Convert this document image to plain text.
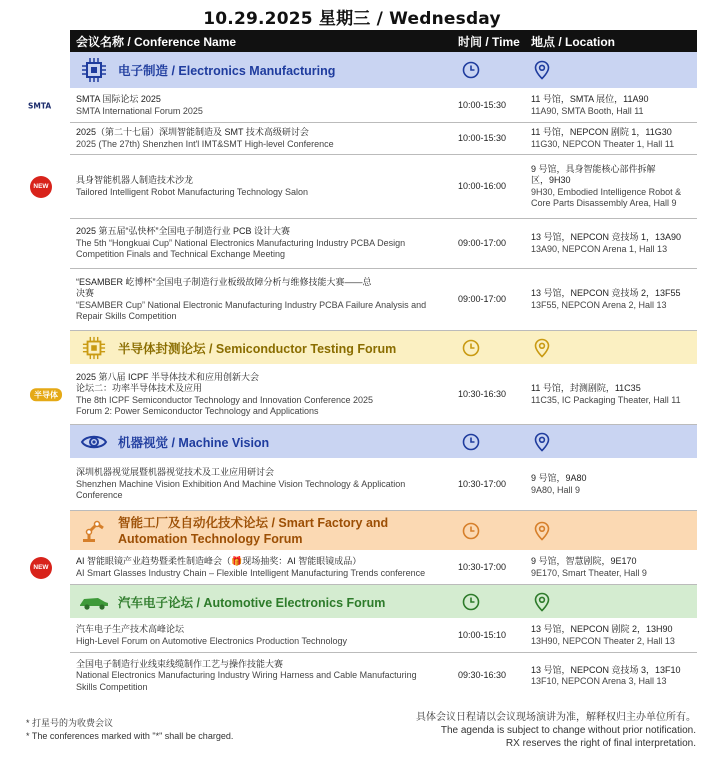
10.29.2025 星期三 / Wednesday
会议名称 / Conference Name	时间 / Time 地点 / Location
电子制造 / Electronics Manufacturing
SMTA
SMTA 国际论坛 2025
SMTA International Forum 2025
10:00-15:30
11 号馆，SMTA 展位，11A90
11A90, SMTA Booth, Hall 11
2025（第二十七届）深圳智能制造及 SMT 技术高级研讨会
2025 (The 27th) Shenzhen Int'l IMT&SMT High-level Conference
10:00-15:30
11 号馆，NEPCON 剧院 1，11G30
11G30, NEPCON Theater 1, Hall 11
NEW
具身智能机器人制造技术沙龙
Tailored Intelligent Robot Manufacturing Technology Salon
10:00-16:00
9 号馆，具身智能核心部件拆解
区，9H30
9H30, Embodied Intelligence Robot &
Core Parts Disassembly Area, Hall 9
2025 第五届“弘快杯”全国电子制造行业 PCB 设计大赛
The 5th “Hongkuai Cup” National Electronics Manufacturing Industry PCBA Design
Competition Finals and Technical Exchange Meeting
09:00-17:00
13 号馆，NEPCON 竞技场 1，13A90
13A90, NEPCON Arena 1, Hall 13
“ESAMBER 屹博杯”全国电子制造行业板级故障分析与维修技能大赛——总
决赛
“ESAMBER Cup” National Electronic Manufacturing Industry PCBA Failure Analysis and
Repair Skills Competition
09:00-17:00
13 号馆，NEPCON 竞技场 2，13F55
13F55, NEPCON Arena 2, Hall 13
半导体封测论坛 / Semiconductor Testing Forum
半导体
2025 第八届 ICPF 半导体技术和应用创新大会
论坛二：功率半导体技术及应用
The 8th ICPF Semiconductor Technology and Innovation Conference 2025
Forum 2: Power Semiconductor Technology and Applications
10:30-16:30
11 号馆，封测剧院，11C35
11C35, IC Packaging Theater, Hall 11
机器视觉 / Machine Vision
深圳机器视觉展暨机器视觉技术及工业应用研讨会
Shenzhen Machine Vision Exhibition And Machine Vision Technology & Application
Conference
10:30-17:00
9 号馆，9A80
9A80, Hall 9
智能工厂及自动化技术论坛 / Smart Factory and
Automation Technology Forum
NEW
AI 智能眼镜产业趋势暨柔性制造峰会（🎁现场抽奖：AI 智能眼镜成品）
AI Smart Glasses Industry Chain – Flexible Intelligent Manufacturing Trends conference
10:30-17:00
9 号馆，智慧剧院，9E170
9E170, Smart Theater, Hall 9
汽车电子论坛 / Automotive Electronics Forum
汽车电子生产技术高峰论坛
High-Level Forum on Automotive Electronics Production Technology
10:00-15:10
13 号馆，NEPCON 剧院 2，13H90
13H90, NEPCON Theater 2, Hall 13
全国电子制造行业线束线缆制作工艺与操作技能大赛
National Electronics Manufacturing Industry Wiring Harness and Cable Manufacturing
Skills Competition
09:30-16:30
13 号馆，NEPCON 竞技场 3，13F10
13F10, NEPCON Arena 3, Hall 13
* 打星号的为收费会议
* The conferences marked with "*" shall be charged.
具体会议日程请以会议现场演讲为准，解释权归主办单位所有。
The agenda is subject to change without prior notification.
RX reserves the right of final interpretation.
